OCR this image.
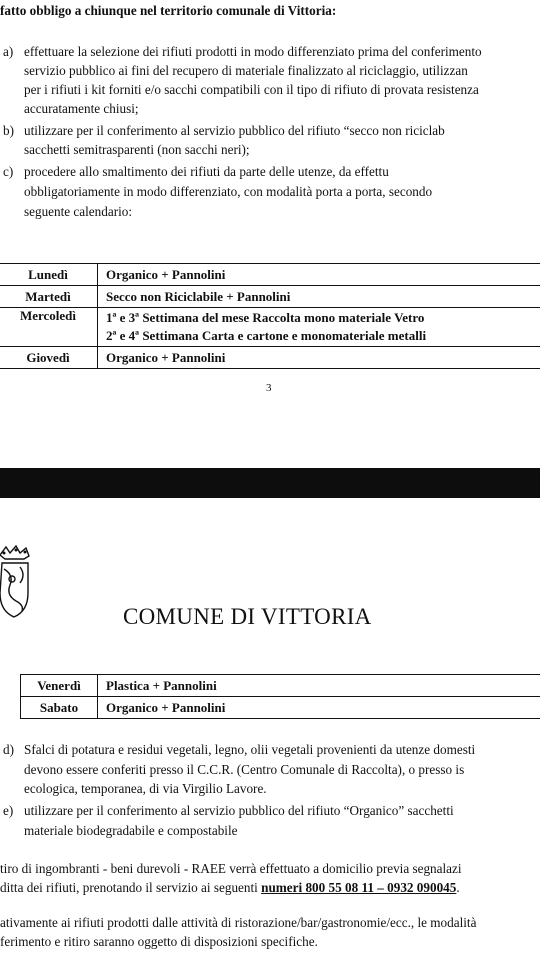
fatto obbligo a chiunque nel territorio comunale di Vittoria:
a) effettuare la selezione dei rifiuti prodotti in modo differenziato prima del conferimento
servizio pubblico ai fini del recupero di materiale finalizzato al riciclaggio, utilizzan
per i rifiuti i kit forniti e/o sacchi compatibili con il tipo di rifiuto di provata resistenza
accuratamente chiusi;
b) utilizzare per il conferimento al servizio pubblico del rifiuto “secco non riciclab
sacchetti semitrasparenti (non sacchi neri);
c) procedere allo smaltimento dei rifiuti da parte delle utenze, da effettu
obbligatoriamente in modo differenziato, con modalità porta a porta, secondo
seguente calendario:
Lunedì	Organico + Pannolini
Martedì	Secco non Riciclabile + Pannolini
Mercoledì	1ª e 3ª Settimana del mese Raccolta mono materiale Vetro
2ª e 4ª Settimana Carta e cartone e monomateriale metalli

Giovedì	Organico + Pannolini
3
COMUNE DI VITTORIA
Venerdì	Plastica + Pannolini
Sabato	Organico + Pannolini
d) Sfalci di potatura e residui vegetali, legno, olii vegetali provenienti da utenze domesti
devono essere conferiti presso il C.C.R. (Centro Comunale di Raccolta), o presso is
ecologica, temporanea, di via Virgilio Lavore.
e) utilizzare per il conferimento al servizio pubblico del rifiuto “Organico” sacchetti
materiale biodegradabile e compostabile
tiro di ingombranti - beni durevoli - RAEE verrà effettuato a domicilio previa segnalazi
ditta dei rifiuti, prenotando il servizio ai seguenti numeri 800 55 08 11 – 0932 090045.
ativamente ai rifiuti prodotti dalle attività di ristorazione/bar/gastronomie/ecc., le modalità
ferimento e ritiro saranno oggetto di disposizioni specifiche.
